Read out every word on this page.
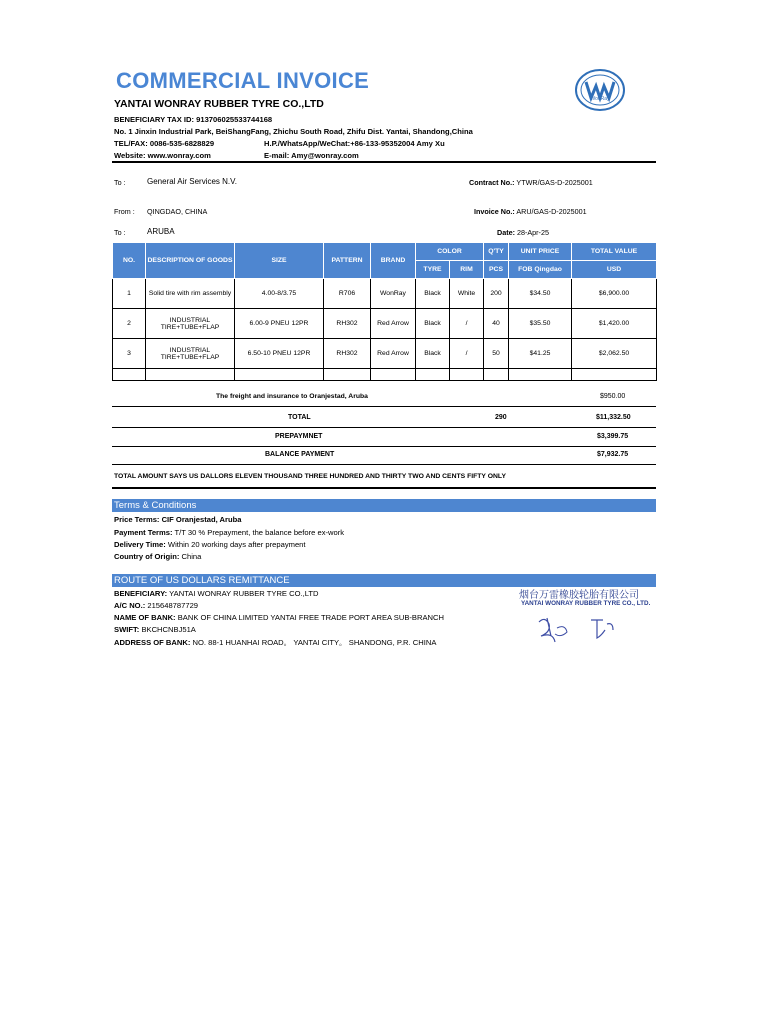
COMMERCIAL INVOICE
WonRay
YANTAI WONRAY RUBBER TYRE CO.,LTD
BENEFICIARY TAX ID: 913706025533744168
No. 1 Jinxin Industrial Park, BeiShangFang, Zhichu South Road, Zhifu Dist. Yantai, Shandong,China
TEL/FAX: 0086-535-6828829	H.P./WhatsApp/WeChat:+86-133-95352004 Amy Xu
Website: www.wonray.com	E-mail: Amy@wonray.com
To :	General Air Services N.V.	Contract No.: YTWR/GAS-D-2025001
From : QINGDAO, CHINA	Invoice No.: ARU/GAS-D-2025001
To :	ARUBA	Date: 28-Apr-25
NO.	DESCRIPTION OF GOODS	SIZE	PATTERN	BRAND	COLOR		Q'TY	UNIT PRICE	TOTAL VALUE
					TYRE	RIM	PCS	FOB Qingdao	USD
1	Solid tire with rim assembly	4.00-8/3.75	R706	WonRay	Black	White	200	$34.50	$6,900.00
2	INDUSTRIAL TIRE+TUBE+FLAP	6.00-9 PNEU 12PR	RH302	Red Arrow	Black	/	40	$35.50	$1,420.00
3	INDUSTRIAL TIRE+TUBE+FLAP	6.50-10 PNEU 12PR	RH302	Red Arrow	Black	/	50	$41.25	$2,062.50

The freight and insurance to Oranjestad, Aruba	$950.00
TOTAL	290	$11,332.50
PREPAYMNET	$3,399.75
BALANCE PAYMENT	$7,932.75
TOTAL AMOUNT SAYS US DALLORS ELEVEN THOUSAND THREE HUNDRED AND THIRTY TWO AND CENTS FIFTY ONLY
Terms & Conditions
Price Terms: CIF Oranjestad, Aruba
Payment Terms: T/T 30 % Prepayment, the balance before ex-work
Delivery Time: Within 20 working days after prepayment
Country of Origin: China
ROUTE OF US DOLLARS REMITTANCE
BENEFICIARY: YANTAI WONRAY RUBBER TYRE CO.,LTD
A/C NO.: 215648787729
NAME OF BANK: BANK OF CHINA LIMITED YANTAI FREE TRADE PORT AREA SUB-BRANCH
SWIFT: BKCHCNBJ51A
ADDRESS OF BANK: NO. 88-1 HUANHAI ROAD。 YANTAI CITY。 SHANDONG, P.R. CHINA
烟台万雷橡胶轮胎有限公司
YANTAI WONRAY RUBBER TYRE CO., LTD.
